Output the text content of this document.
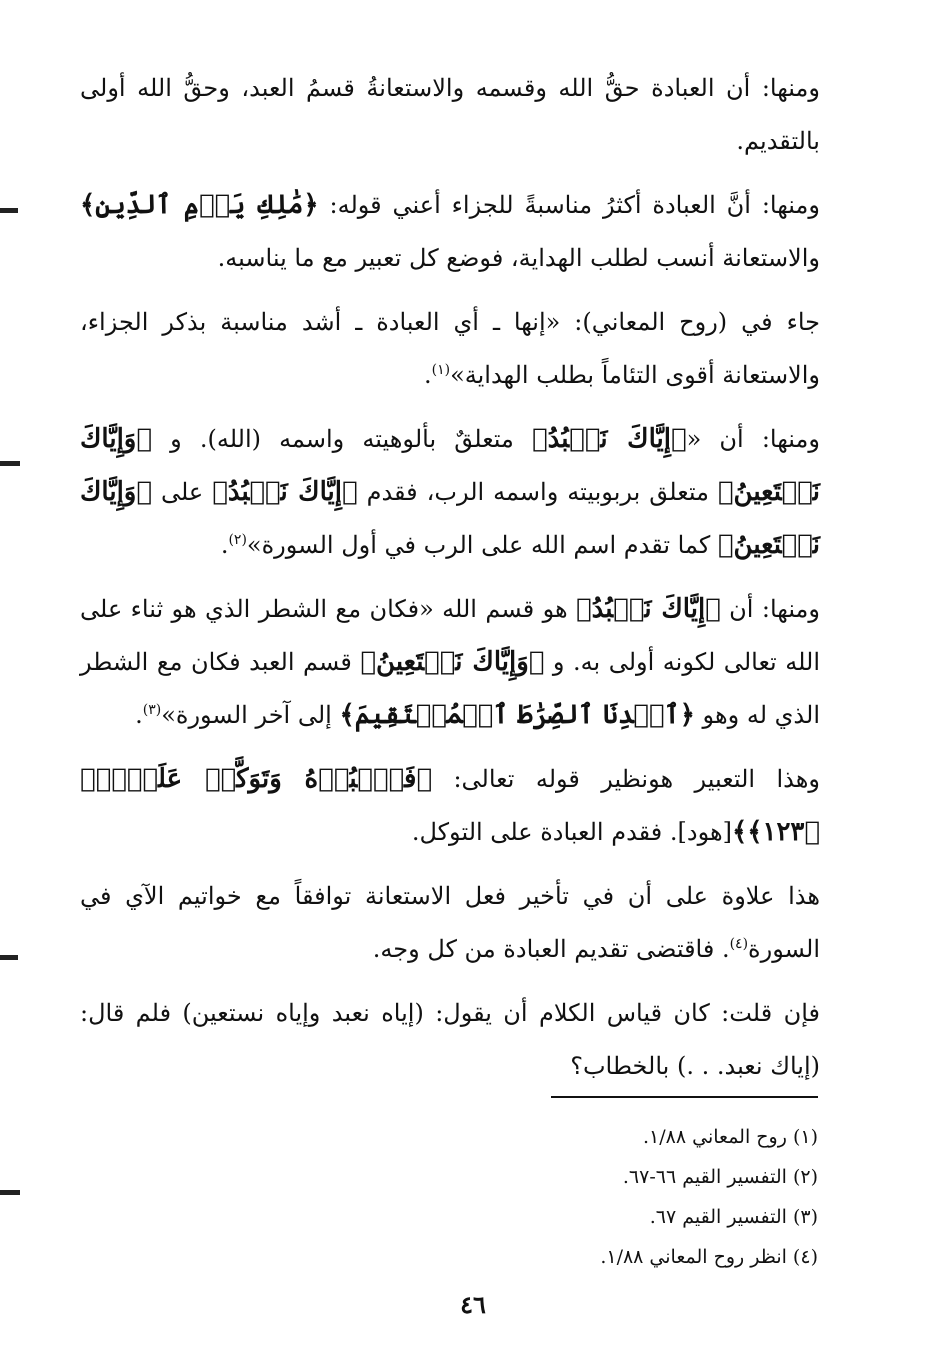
ومنها: أن العبادة حقُّ الله وقسمه والاستعانةُ قسمُ العبد، وحقُّ الله أولى بالتقديم.

ومنها: أنَّ العبادة أكثرُ مناسبةً للجزاء أعني قوله: ﴿مَٰلِكِ يَوۡمِ ٱلدِّينِ﴾ والاستعانة أنسب لطلب الهداية، فوضع كل تعبير مع ما يناسبه.

جاء في (روح المعاني): «إنها ـ أي العبادة ـ أشد مناسبة بذكر الجزاء، والاستعانة أقوى التئاماً بطلب الهداية»$^{(١)}$.

ومنها: أن «﴿إِيَّاكَ نَعۡبُدُ﴾ متعلقٌ بألوهيته واسمه (الله). و ﴿وَإِيَّاكَ نَسۡتَعِينُ﴾ متعلق بربوبيته واسمه الرب، فقدم ﴿إِيَّاكَ نَعۡبُدُ﴾ على ﴿وَإِيَّاكَ نَسۡتَعِينُ﴾ كما تقدم اسم الله على الرب في أول السورة»$^{(٢)}$.

ومنها: أن ﴿إِيَّاكَ نَعۡبُدُ﴾ هو قسم الله «فكان مع الشطر الذي هو ثناء على الله تعالى لكونه أولى به. و ﴿وَإِيَّاكَ نَسۡتَعِينُ﴾ قسم العبد فكان مع الشطر الذي له وهو ﴿ٱهۡدِنَا ٱلصِّرَٰطَ ٱلۡمُسۡتَقِيمَ﴾ إلى آخر السورة»$^{(٣)}$.

وهذا التعبير هونظير قوله تعالى: ﴿فَٱعۡبُدۡهُ وَتَوَكَّلۡ عَلَيۡهِۚ ﴿١٢٣﴾﴾[هود]. فقدم العبادة على التوكل.

هذا علاوة على أن في تأخير فعل الاستعانة توافقاً مع خواتيم الآي في السورة$^{(٤)}$. فاقتضى تقديم العبادة من كل وجه.

فإن قلت: كان قياس الكلام أن يقول: (إياه نعبد وإياه نستعين) فلم قال: (إياك نعبد. . .) بالخطاب؟

(١) روح المعاني ١/٨٨.
(٢) التفسير القيم ٦٦-٦٧.
(٣) التفسير القيم ٦٧.
(٤) انظر روح المعاني ١/٨٨.
٤٦
